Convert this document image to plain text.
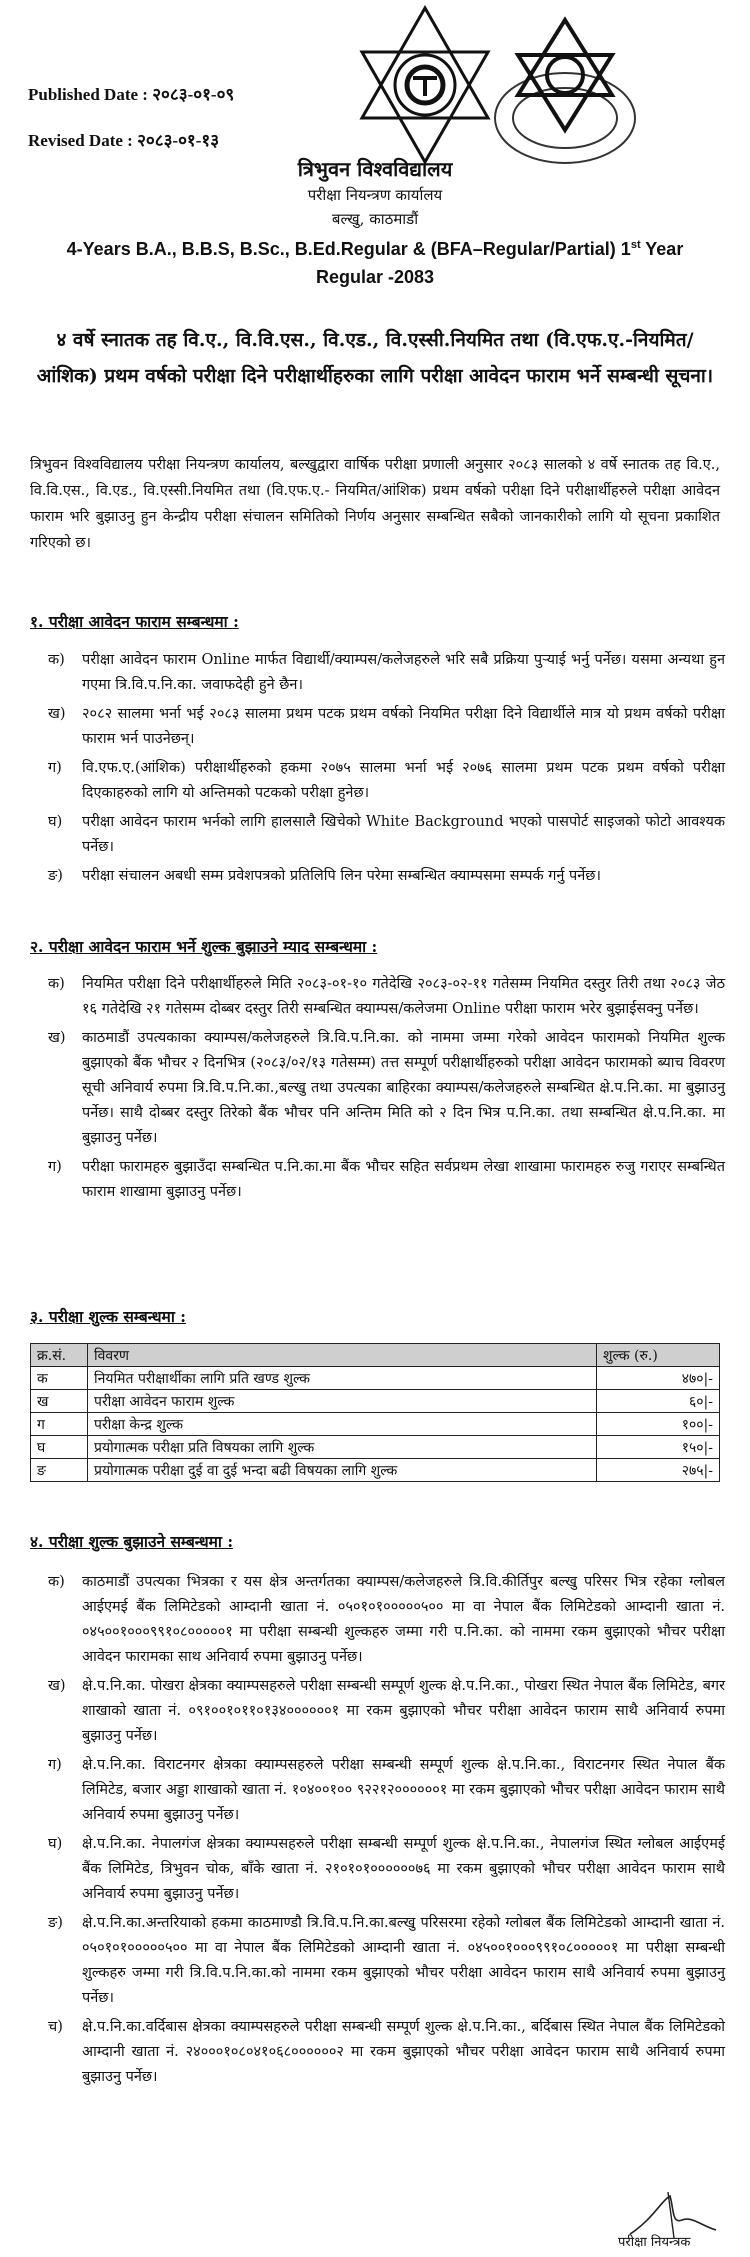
Published Date : २०८३-०१-०९
Revised Date : २०८३-०१-१३
त्रिभुवन विश्वविद्यालय
परीक्षा नियन्त्रण कार्यालय
बल्खु, काठमाडौं
4-Years B.A., B.B.S, B.Sc., B.Ed.Regular & (BFA–Regular/Partial) 1st Year
Regular -2083
४ वर्षे स्नातक तह वि.ए., वि.वि.एस., वि.एड., वि.एस्सी.नियमित तथा (वि.एफ.ए.-नियमित/आंशिक) प्रथम वर्षको परीक्षा दिने परीक्षार्थीहरुका लागि परीक्षा आवेदन फाराम भर्ने सम्बन्धी सूचना।
त्रिभुवन विश्वविद्यालय परीक्षा नियन्त्रण कार्यालय, बल्खुद्वारा वार्षिक परीक्षा प्रणाली अनुसार २०८३ सालको ४ वर्षे स्नातक तह वि.ए., वि.वि.एस., वि.एड., वि.एस्सी.नियमित तथा (वि.एफ.ए.- नियमित/आंशिक) प्रथम वर्षको परीक्षा दिने परीक्षार्थीहरुले परीक्षा आवेदन फाराम भरि बुझाउनु हुन केन्द्रीय परीक्षा संचालन समितिको निर्णय अनुसार सम्बन्धित सबैको जानकारीको लागि यो सूचना प्रकाशित गरिएको छ।
१. परीक्षा आवेदन फाराम सम्बन्धमा :
क) परीक्षा आवेदन फाराम Online मार्फत विद्यार्थी/क्याम्पस/कलेजहरुले भरि सबै प्रक्रिया पुऱ्याई भर्नु पर्नेछ। यसमा अन्यथा हुन गएमा त्रि.वि.प.नि.का. जवाफदेही हुने छैन।
ख) २०८२ सालमा भर्ना भई २०८३ सालमा प्रथम पटक प्रथम वर्षको नियमित परीक्षा दिने विद्यार्थीले मात्र यो प्रथम वर्षको परीक्षा फाराम भर्न पाउनेछन्।
ग) वि.एफ.ए.(आंशिक) परीक्षार्थीहरुको हकमा २०७५ सालमा भर्ना भई २०७६ सालमा प्रथम पटक प्रथम वर्षको परीक्षा दिएकाहरुको लागि यो अन्तिमको पटकको परीक्षा हुनेछ।
घ) परीक्षा आवेदन फाराम भर्नको लागि हालसालै खिचेको White Background भएको पासपोर्ट साइजको फोटो आवश्यक पर्नेछ।
ङ) परीक्षा संचालन अबधी सम्म प्रवेशपत्रको प्रतिलिपि लिन परेमा सम्बन्धित क्याम्पसमा सम्पर्क गर्नु पर्नेछ।
२. परीक्षा आवेदन फाराम भर्ने शुल्क बुझाउने म्याद सम्बन्धमा :
क) नियमित परीक्षा दिने परीक्षार्थीहरुले मिति २०८३-०१-१० गतेदेखि २०८३-०२-११ गतेसम्म नियमित दस्तुर तिरी तथा २०८३ जेठ १६ गतेदेखि २१ गतेसम्म दोब्बर दस्तुर तिरी सम्बन्धित क्याम्पस/कलेजमा Online परीक्षा फाराम भरेर बुझाईसक्नु पर्नेछ।
ख) काठमाडौं उपत्यकाका क्याम्पस/कलेजहरुले त्रि.वि.प.नि.का. को नाममा जम्मा गरेको आवेदन फारामको नियमित शुल्क बुझाएको बैंक भौचर २ दिनभित्र (२०८३/०२/१३ गतेसम्म) तत्त सम्पूर्ण परीक्षार्थीहरुको परीक्षा आवेदन फारामको ब्याच विवरण सूची अनिवार्य रुपमा त्रि.वि.प.नि.का.,बल्खु तथा उपत्यका बाहिरका क्याम्पस/कलेजहरुले सम्बन्धित क्षे.प.नि.का. मा बुझाउनु पर्नेछ। साथै दोब्बर दस्तुर तिरेको बैंक भौचर पनि अन्तिम मिति को २ दिन भित्र प.नि.का. तथा सम्बन्धित क्षे.प.नि.का. मा बुझाउनु पर्नेछ।
ग) परीक्षा फारामहरु बुझाउँदा सम्बन्धित प.नि.का.मा बैंक भौचर सहित सर्वप्रथम लेखा शाखामा फारामहरु रुजु गराएर सम्बन्धित फाराम शाखामा बुझाउनु पर्नेछ।
३. परीक्षा शुल्क सम्बन्धमा :
क्र.सं.	विवरण	शुल्क (रु.)
क	नियमित परीक्षार्थीका लागि प्रति खण्ड शुल्क	४७०|-
ख	परीक्षा आवेदन फाराम शुल्क	६०|-
ग	परीक्षा केन्द्र शुल्क	१००|-
घ	प्रयोगात्मक परीक्षा प्रति विषयका लागि शुल्क	१५०|-
ङ	प्रयोगात्मक परीक्षा दुई वा दुई भन्दा बढी विषयका लागि शुल्क	२७५|-
४. परीक्षा शुल्क बुझाउने सम्बन्धमा :
क) काठमाडौं उपत्यका भित्रका र यस क्षेत्र अन्तर्गतका क्याम्पस/कलेजहरुले त्रि.वि.कीर्तिपुर बल्खु परिसर भित्र रहेका ग्लोबल आईएमई बैंक लिमिटेडको आम्दानी खाता नं. ०५०१०१०००००५०० मा वा नेपाल बैंक लिमिटेडको आम्दानी खाता नं. ०४५००१०००९९१०८०००००१ मा परीक्षा सम्बन्धी शुल्कहरु जम्मा गरी प.नि.का. को नाममा रकम बुझाएको भौचर परीक्षा आवेदन फारामका साथ अनिवार्य रुपमा बुझाउनु पर्नेछ।
ख) क्षे.प.नि.का. पोखरा क्षेत्रका क्याम्पसहरुले परीक्षा सम्बन्धी सम्पूर्ण शुल्क क्षे.प.नि.का., पोखरा स्थित नेपाल बैंक लिमिटेड, बगर शाखाको खाता नं. ०९१००१०११०१३४००००००१ मा रकम बुझाएको भौचर परीक्षा आवेदन फाराम साथै अनिवार्य रुपमा बुझाउनु पर्नेछ।
ग) क्षे.प.नि.का. विराटनगर क्षेत्रका क्याम्पसहरुले परीक्षा सम्बन्धी सम्पूर्ण शुल्क क्षे.प.नि.का., विराटनगर स्थित नेपाल बैंक लिमिटेड, बजार अड्डा शाखाको खाता नं. १०४००१०० ९२२१२००००००१ मा रकम बुझाएको भौचर परीक्षा आवेदन फाराम साथै अनिवार्य रुपमा बुझाउनु पर्नेछ।
घ) क्षे.प.नि.का. नेपालगंज क्षेत्रका क्याम्पसहरुले परीक्षा सम्बन्धी सम्पूर्ण शुल्क क्षे.प.नि.का., नेपालगंज स्थित ग्लोबल आईएमई बैंक लिमिटेड, त्रिभुवन चोक, बाँके खाता नं. २१०१०१००००००७६ मा रकम बुझाएको भौचर परीक्षा आवेदन फाराम साथै अनिवार्य रुपमा बुझाउनु पर्नेछ।
ङ) क्षे.प.नि.का.अन्तरियाको हकमा काठमाण्डौ त्रि.वि.प.नि.का.बल्खु परिसरमा रहेको ग्लोबल बैंक लिमिटेडको आम्दानी खाता नं. ०५०१०१०००००५०० मा वा नेपाल बैंक लिमिटेडको आम्दानी खाता नं. ०४५००१०००९९१०८०००००१ मा परीक्षा सम्बन्धी शुल्कहरु जम्मा गरी त्रि.वि.प.नि.का.को नाममा रकम बुझाएको भौचर परीक्षा आवेदन फाराम साथै अनिवार्य रुपमा बुझाउनु पर्नेछ।
च) क्षे.प.नि.का.वर्दिबास क्षेत्रका क्याम्पसहरुले परीक्षा सम्बन्धी सम्पूर्ण शुल्क क्षे.प.नि.का., बर्दिबास स्थित नेपाल बैंक लिमिटेडको आम्दानी खाता नं. २४०००१०८०४१०६८००००००२ मा रकम बुझाएको भौचर परीक्षा आवेदन फाराम साथै अनिवार्य रुपमा बुझाउनु पर्नेछ।
परीक्षा नियन्त्रक
